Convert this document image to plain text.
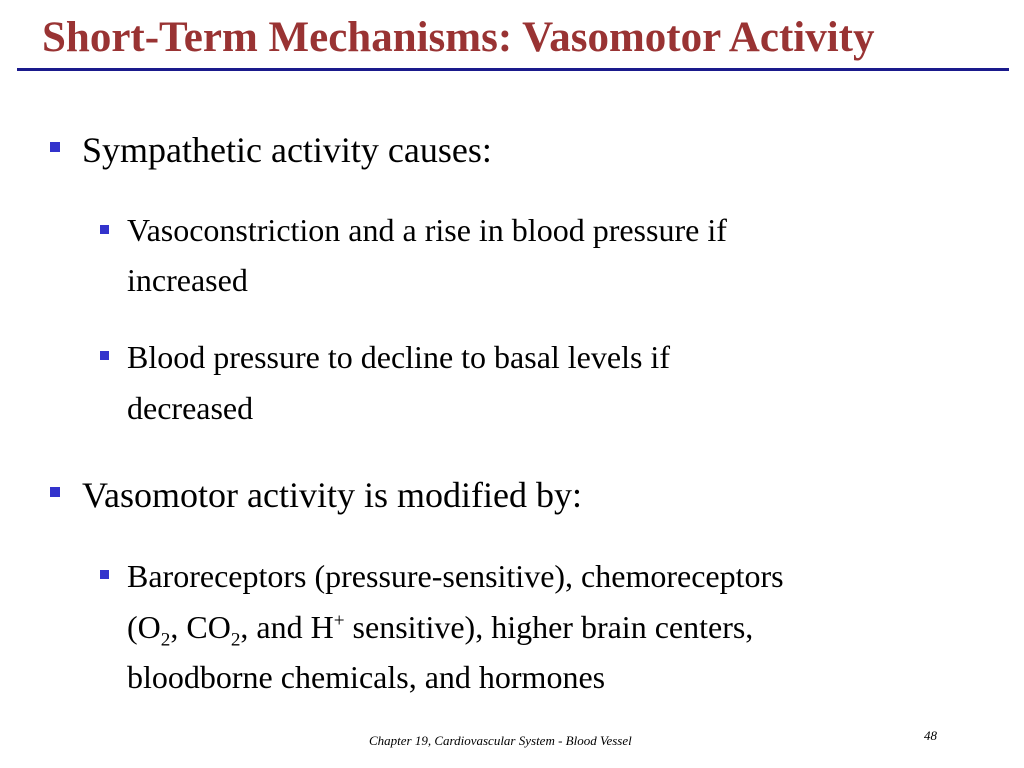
Short-Term Mechanisms: Vasomotor Activity
Sympathetic activity causes:
Vasoconstriction and a rise in blood pressure if
increased
Blood pressure to decline to basal levels if
decreased
Vasomotor activity is modified by:
Baroreceptors (pressure-sensitive), chemoreceptors
($O_2$, $CO_2$, and H+ sensitive), higher brain centers,
bloodborne chemicals, and hormones
Chapter 19, Cardiovascular System - Blood Vessel	48
